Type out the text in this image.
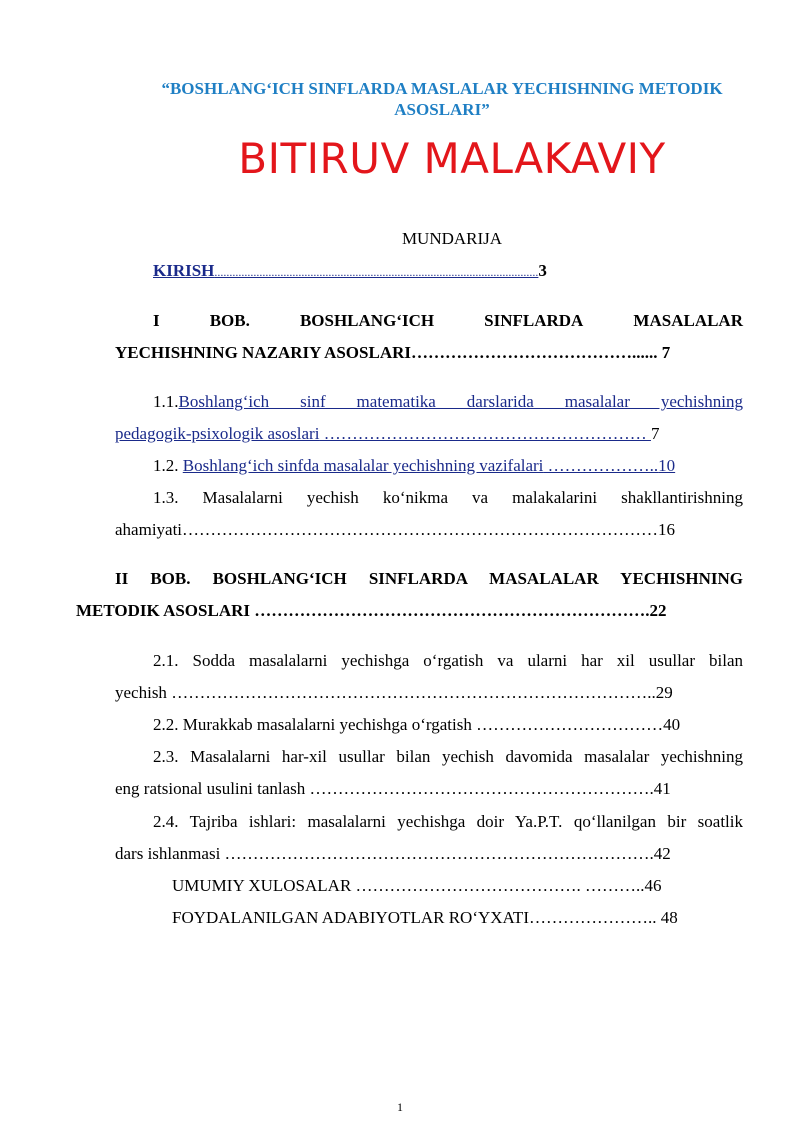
“BOSHLANG‘ICH SINFLARDA MASLALAR YECHISHNING METODIK
ASOSLARI”
BITIRUV MALAKAVIY
MUNDARIJA
KIRISH............................................................................................................3
I	BOB.	BOSHLANG‘ICH	SINFLARDA	MASALALAR
YECHISHNING NAZARIY ASOSLARI…………………………………...... 7
1.1. Boshlang‘ich sinf matematika darslarida masalalar yechishning
pedagogik-psixologik asoslari ………………………………………………… 7
1.2. Boshlang‘ich sinfda masalalar yechishning vazifalari ………………..10
1.3. Masalalarni yechish ko‘nikma va malakalarini shakllantirishning
ahamiyati…………………………………………………………………………16
II BOB. BOSHLANG‘ICH SINFLARDA MASALALAR YECHISHNING
METODIK ASOSLARI …………………………………………………………….22
2.1. Sodda masalalarni yechishga o‘rgatish va ularni har xil usullar bilan
yechish …………………………………………………………………………..29
2.2. Murakkab masalalarni yechishga o‘rgatish ……………………………40
2.3. Masalalarni har-xil usullar bilan yechish davomida masalalar yechishning
eng ratsional usulini tanlash …………………………………………………….41
2.4. Tajriba ishlari: masalalarni yechishga doir Ya.P.T. qo‘llanilgan bir soatlik
dars ishlanmasi ………………………………………………………………….42
UMUMIY XULOSALAR …………………………………. ………..46
FOYDALANILGAN ADABIYOTLAR RO‘YXATI………………….. 48
1
